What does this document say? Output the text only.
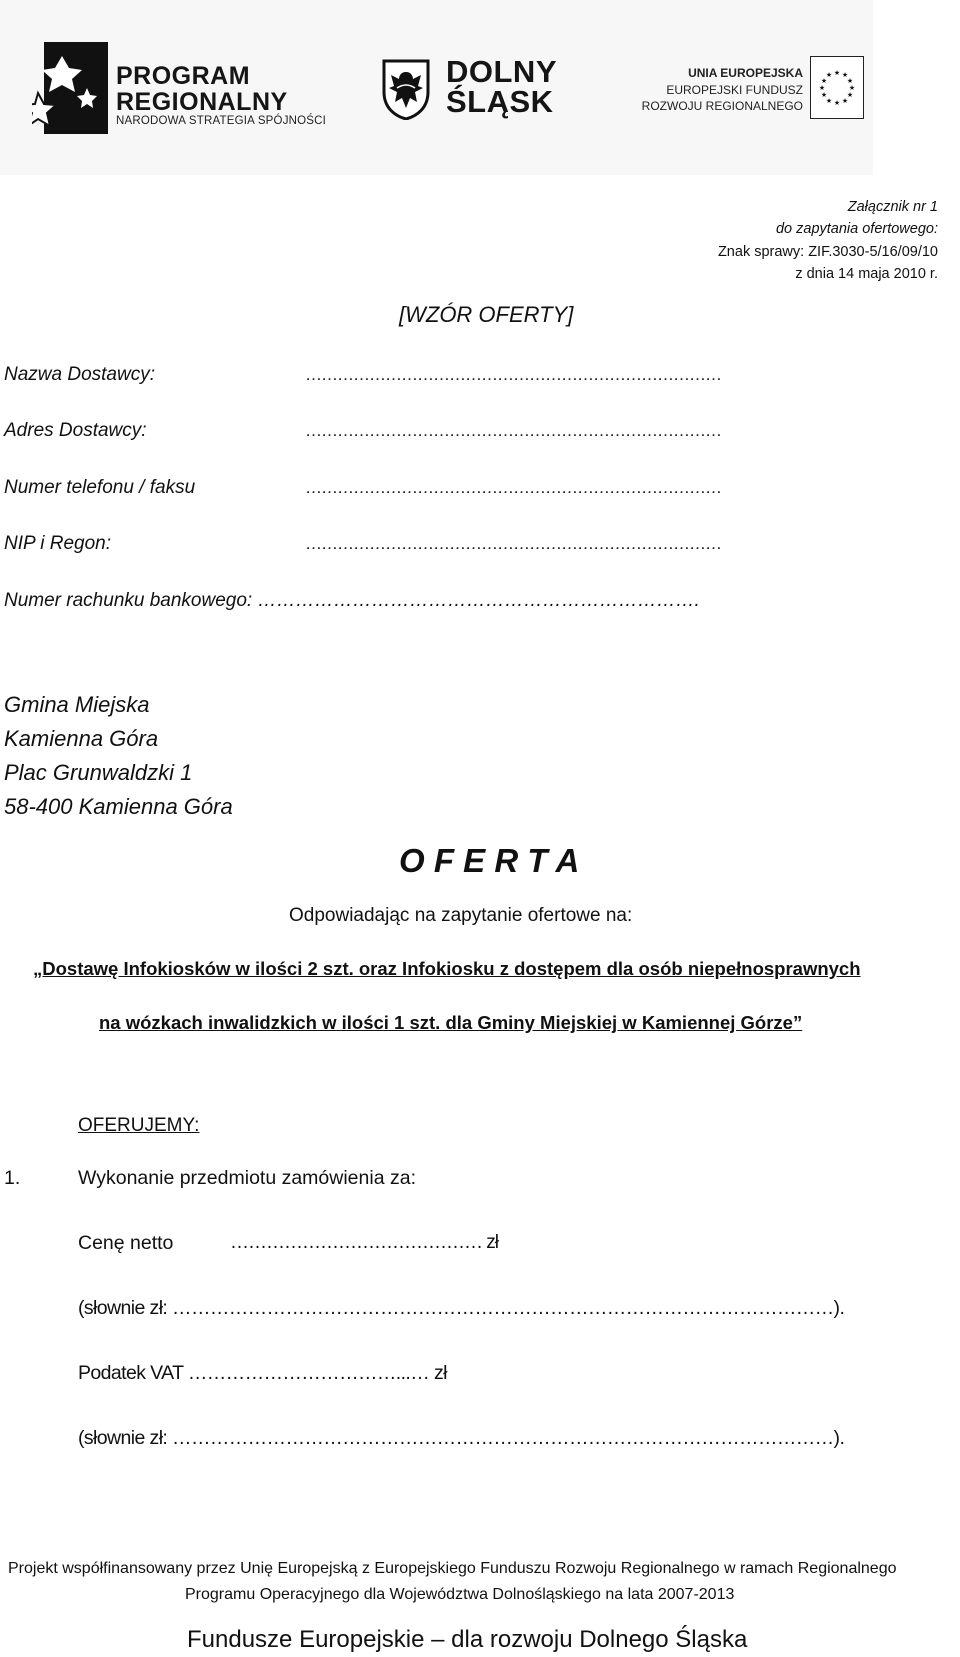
PROGRAM
REGIONALNY
NARODOWA STRATEGIA SPÓJNOŚCI
DOLNY
ŚLĄSK
UNIA EUROPEJSKA
EUROPEJSKI FUNDUSZ
ROZWOJU REGIONALNEGO
★ ★
★
★
★
★
★
★
★
★
★
★
Załącznik nr 1
do zapytania ofertowego:
Znak sprawy: ZIF.3030-5/16/09/10
z dnia 14 maja 2010 r.
[WZÓR OFERTY]
Nazwa Dostawcy:	……………………………………………………………………
Adres Dostawcy:	……………………………………………………………………
Numer telefonu / faksu	……………………………………………………………………
NIP i Regon:	……………………………………………………………………
Numer rachunku bankowego: …………………………………………………………….
Gmina Miejska
Kamienna Góra
Plac Grunwaldzki 1
58-400 Kamienna Góra
O F E R T A
Odpowiadając na zapytanie ofertowe na:
„Dostawę Infokiosków w ilości 2 szt. oraz Infokiosku z dostępem dla osób niepełnosprawnych
na wózkach inwalidzkich w ilości 1 szt. dla Gminy Miejskiej w Kamiennej Górze”
OFERUJEMY:
1.	Wykonanie przedmiotu zamówienia za:
Cenę netto	…………………………………… zł
(słownie zł: ……………………………………………………………………………………………).
Podatek VAT ……………………………...… zł
(słownie zł: ……………………………………………………………………………………………).
Projekt współfinansowany przez Unię Europejską z Europejskiego Funduszu Rozwoju Regionalnego w ramach Regionalnego
Programu Operacyjnego dla Województwa Dolnośląskiego na lata 2007-2013
Fundusze Europejskie – dla rozwoju Dolnego Śląska
